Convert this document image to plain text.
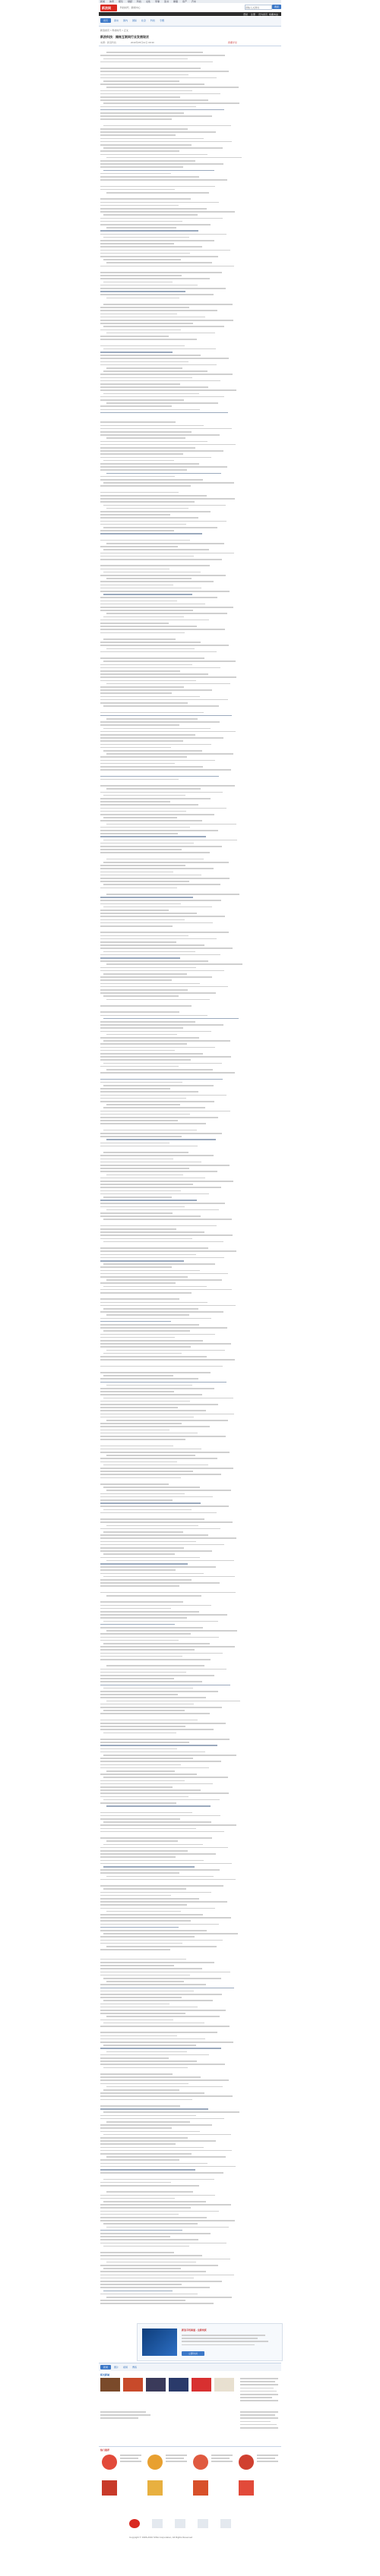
新闻 体育 娱乐 财经 科技 女性 军事 读书 健康 房产 汽车
新浪网	科技时代 · 新闻中心
请输入关键词	搜索
登录 注册 设为首页 收藏本站
首页	滚动 国内 国际 社会 科技 专题
新浪首页 > 科技时代 > 正文
新浪科技：揭秘互联网行业发展现状
来源：新浪科技	2010年05月12日 09:30	我要评论
新浪手机频道 · 全新改版
立即访问
新闻	图片 视频 博客
相关新闻
热门推荐
Copyright © 1996-2010 SINA Corporation, All Rights Reserved
